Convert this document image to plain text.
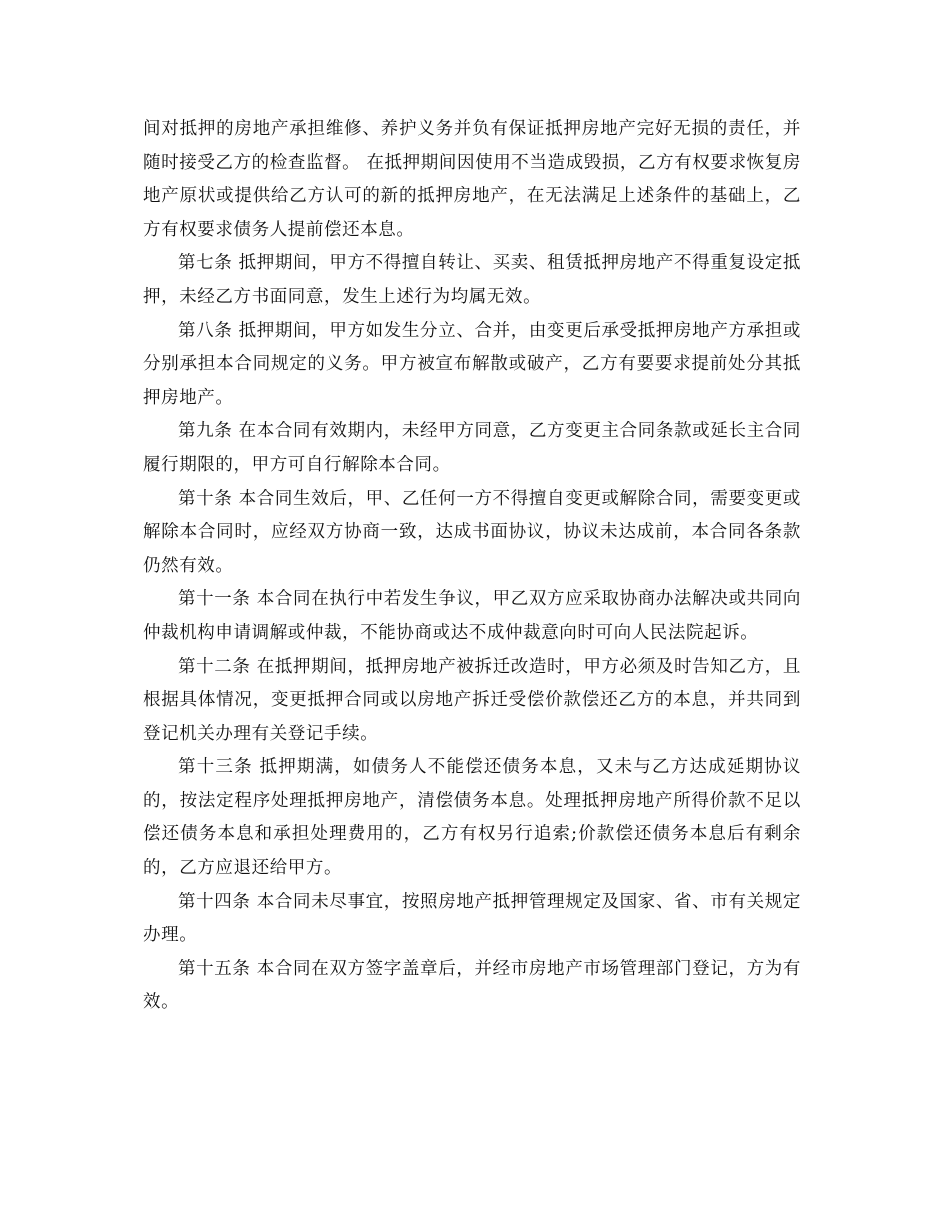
间对抵押的房地产承担维修、养护义务并负有保证抵押房地产完好无损的责任，并随时接受乙方的检查监督。 在抵押期间因使用不当造成毁损，乙方有权要求恢复房地产原状或提供给乙方认可的新的抵押房地产，在无法满足上述条件的基础上，乙方有权要求债务人提前偿还本息。

第七条 抵押期间，甲方不得擅自转让、买卖、租赁抵押房地产不得重复设定抵押，未经乙方书面同意，发生上述行为均属无效。

第八条 抵押期间，甲方如发生分立、合并，由变更后承受抵押房地产方承担或分别承担本合同规定的义务。甲方被宣布解散或破产，乙方有要要求提前处分其抵押房地产。

第九条 在本合同有效期内，未经甲方同意，乙方变更主合同条款或延长主合同履行期限的，甲方可自行解除本合同。

第十条 本合同生效后，甲、乙任何一方不得擅自变更或解除合同，需要变更或解除本合同时，应经双方协商一致，达成书面协议，协议未达成前，本合同各条款仍然有效。

第十一条 本合同在执行中若发生争议，甲乙双方应采取协商办法解决或共同向仲裁机构申请调解或仲裁，不能协商或达不成仲裁意向时可向人民法院起诉。

第十二条 在抵押期间，抵押房地产被拆迁改造时，甲方必须及时告知乙方，且根据具体情况，变更抵押合同或以房地产拆迁受偿价款偿还乙方的本息，并共同到登记机关办理有关登记手续。

第十三条 抵押期满，如债务人不能偿还债务本息，又未与乙方达成延期协议的，按法定程序处理抵押房地产，清偿债务本息。处理抵押房地产所得价款不足以偿还债务本息和承担处理费用的，乙方有权另行追索;价款偿还债务本息后有剩余的，乙方应退还给甲方。

第十四条 本合同未尽事宜，按照房地产抵押管理规定及国家、省、市有关规定办理。

第十五条 本合同在双方签字盖章后，并经市房地产市场管理部门登记，方为有效。
